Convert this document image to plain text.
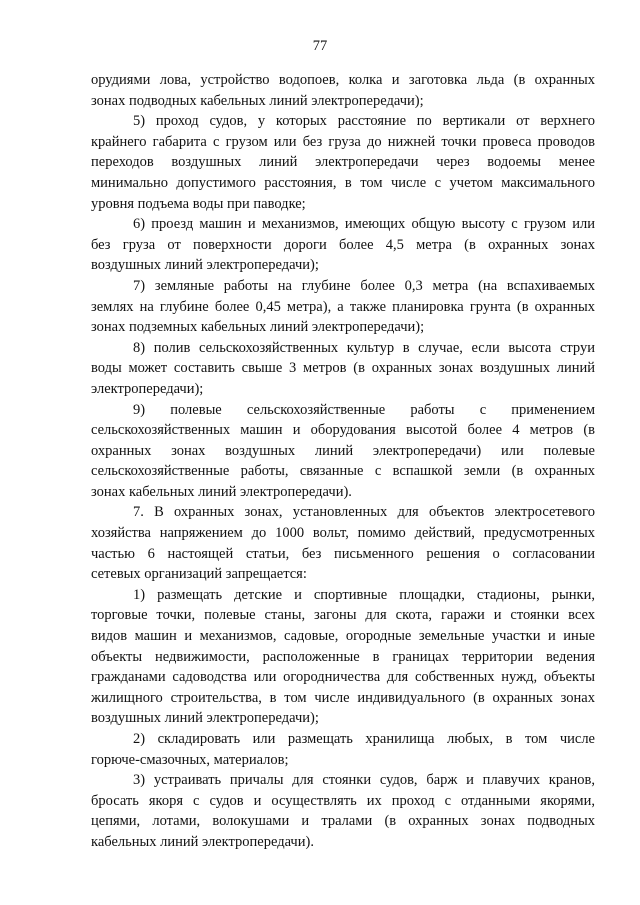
77
орудиями лова, устройство водопоев, колка и заготовка льда (в охранных
зонах подводных кабельных линий электропередачи);
5) проход судов, у которых расстояние по вертикали от верхнего
крайнего габарита с грузом или без груза до нижней точки провеса проводов
переходов воздушных линий электропередачи через водоемы менее
минимально допустимого расстояния, в том числе с учетом максимального
уровня подъема воды при паводке;
6) проезд машин и механизмов, имеющих общую высоту с грузом или
без груза от поверхности дороги более 4,5 метра (в охранных зонах
воздушных линий электропередачи);
7) земляные работы на глубине более 0,3 метра (на вспахиваемых
землях на глубине более 0,45 метра), а также планировка грунта (в охранных
зонах подземных кабельных линий электропередачи);
8) полив сельскохозяйственных культур в случае, если высота струи
воды может составить свыше 3 метров (в охранных зонах воздушных линий
электропередачи);
9) полевые сельскохозяйственные работы с применением
сельскохозяйственных машин и оборудования высотой более 4 метров (в
охранных зонах воздушных линий электропередачи) или полевые
сельскохозяйственные работы, связанные с вспашкой земли (в охранных
зонах кабельных линий электропередачи).
7. В охранных зонах, установленных для объектов электросетевого
хозяйства напряжением до 1000 вольт, помимо действий, предусмотренных
частью 6 настоящей статьи, без письменного решения о согласовании
сетевых организаций запрещается:
1) размещать детские и спортивные площадки, стадионы, рынки,
торговые точки, полевые станы, загоны для скота, гаражи и стоянки всех
видов машин и механизмов, садовые, огородные земельные участки и иные
объекты недвижимости, расположенные в границах территории ведения
гражданами садоводства или огородничества для собственных нужд, объекты
жилищного строительства, в том числе индивидуального (в охранных зонах
воздушных линий электропередачи);
2) складировать или размещать хранилища любых, в том числе
горюче-смазочных, материалов;
3) устраивать причалы для стоянки судов, барж и плавучих кранов,
бросать якоря с судов и осуществлять их проход с отданными якорями,
цепями, лотами, волокушами и тралами (в охранных зонах подводных
кабельных линий электропередачи).
